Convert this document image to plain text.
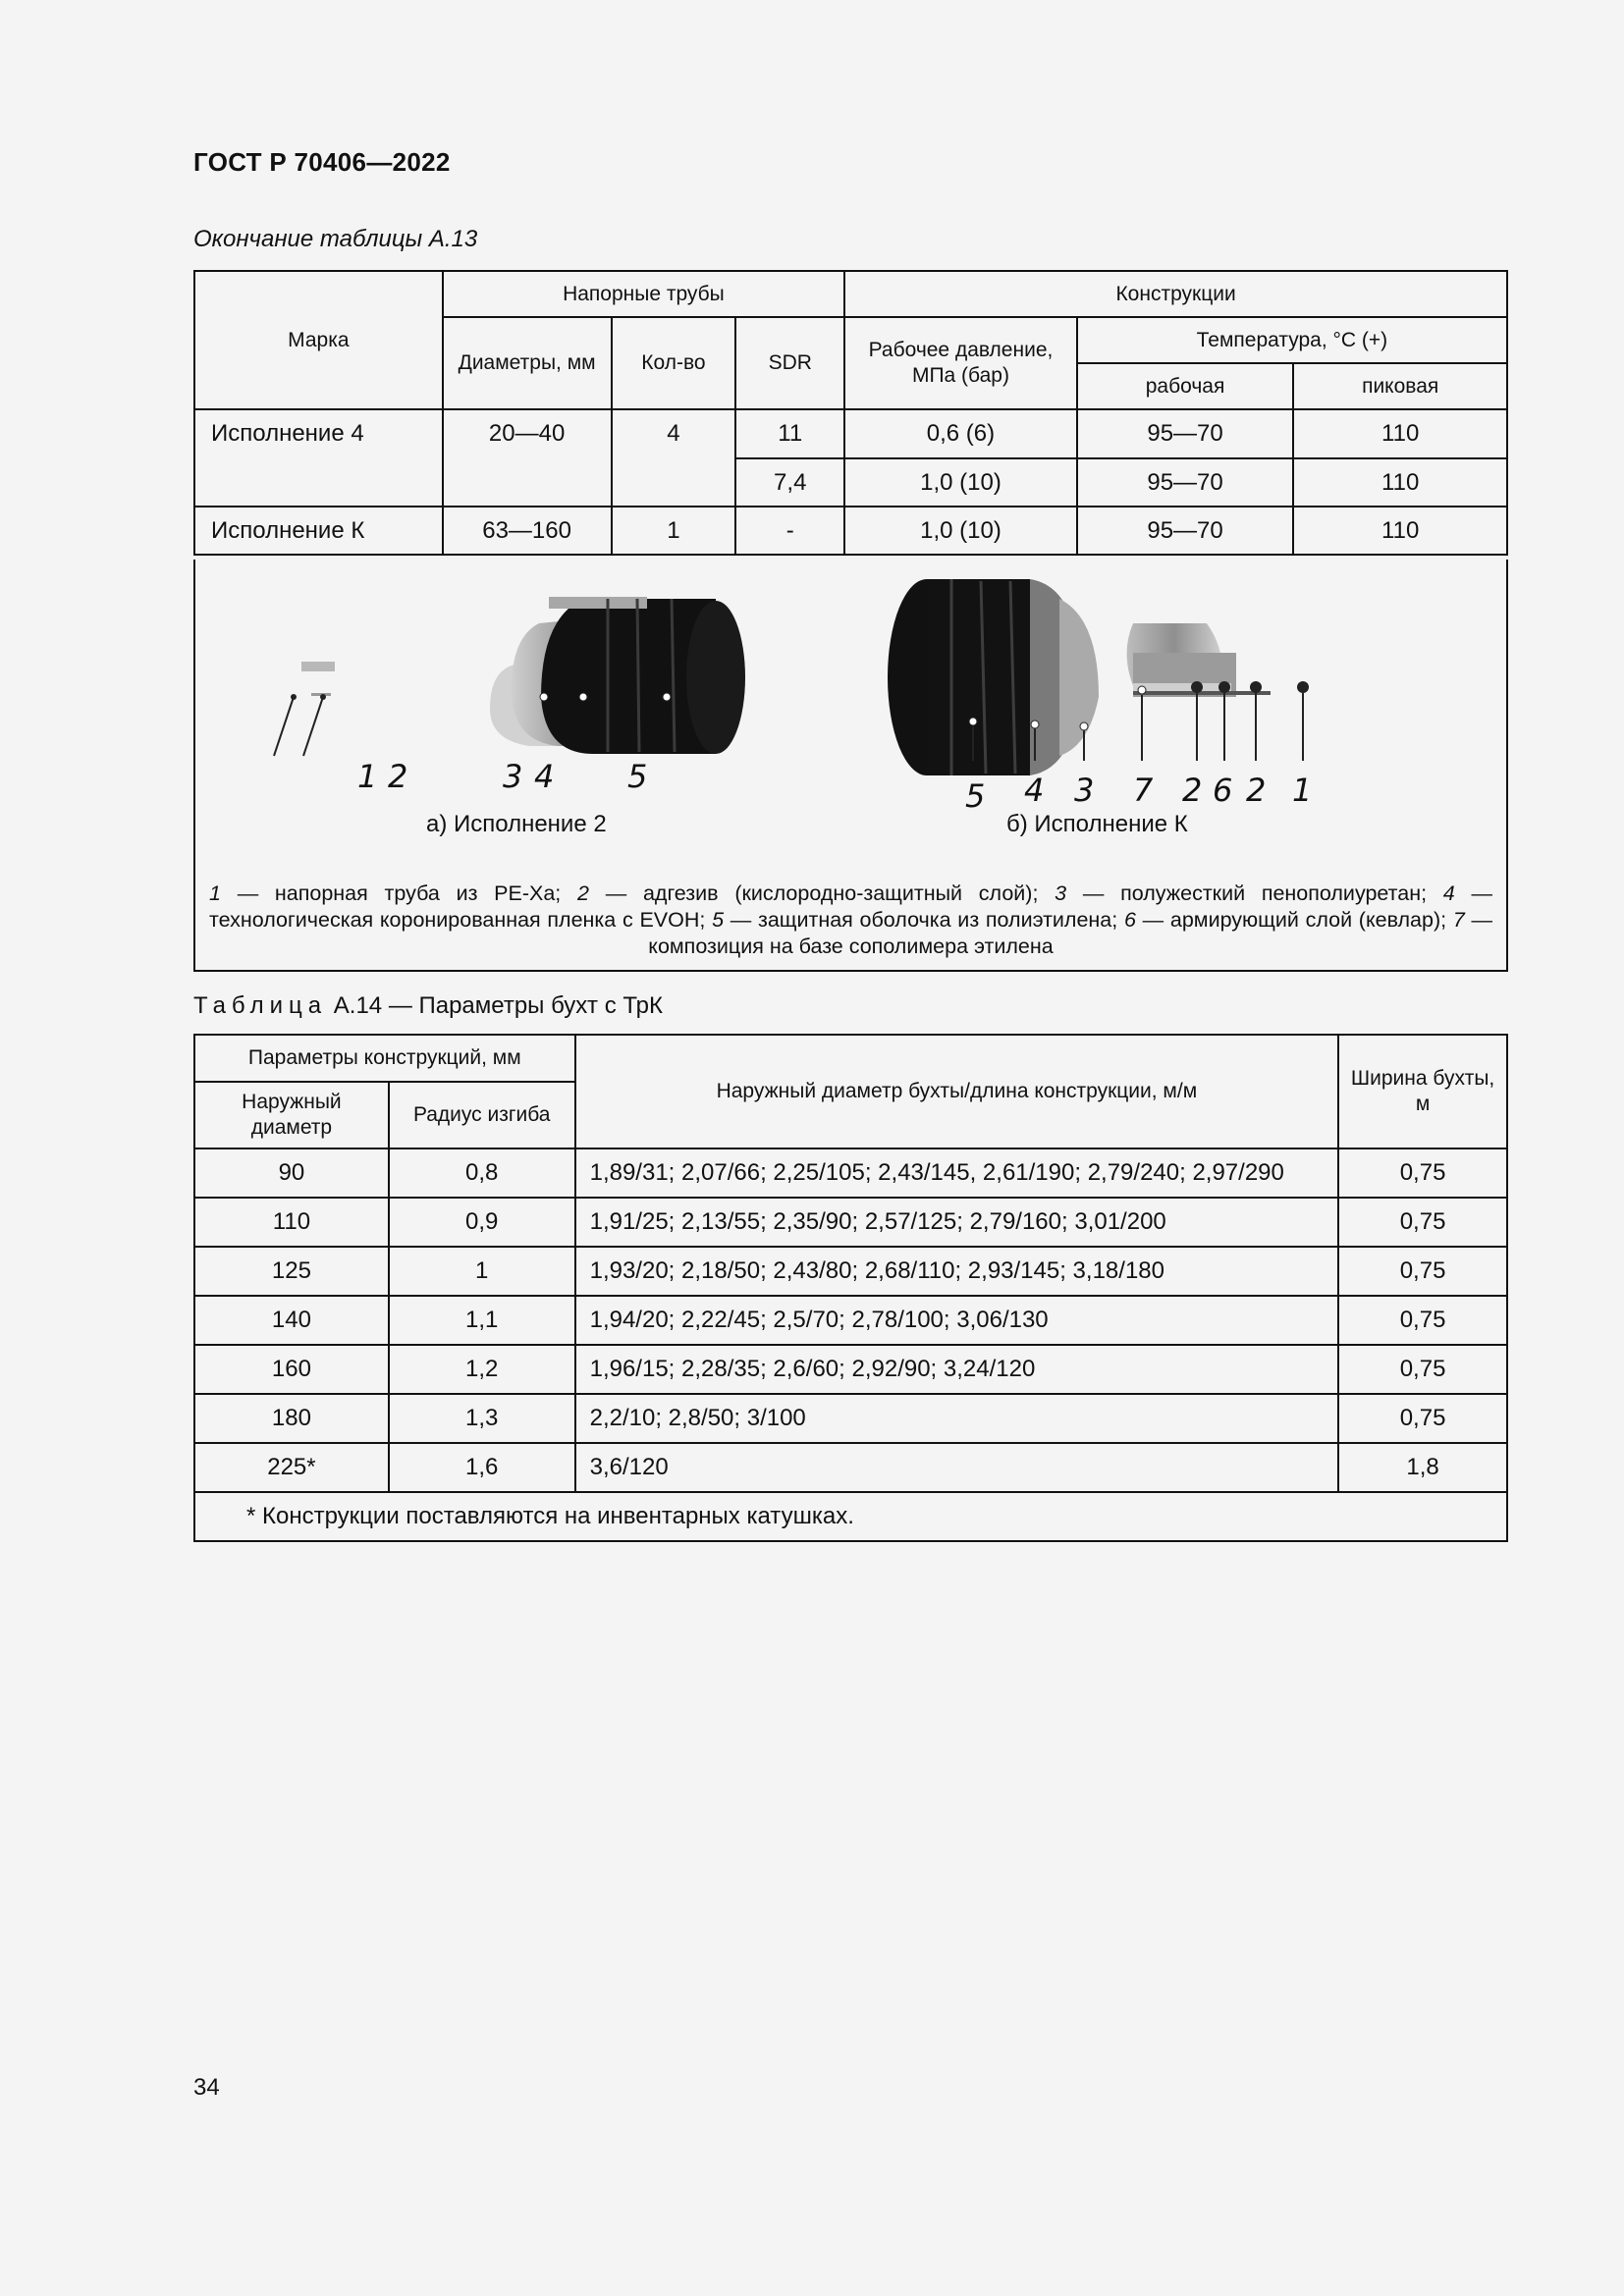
ГОСТ Р 70406—2022
Окончание таблицы А.13
Марка	Напорные трубы			Конструкции		
	Диаметры, мм	Кол-во	SDR	Рабочее давление, МПа (бар)	Температура, °С (+)	
					рабочая	пиковая
Исполнение 4	20—40	4	11	0,6 (6)	95—70	110
			7,4	1,0 (10)	95—70	110
Исполнение К	63—160	1	-	1,0 (10)	95—70	110
1 2	3 4 5
5 4 3 7 2 6 2 1
а) Исполнение 2	б) Исполнение К
1 — напорная труба из PE-Xa; 2 — адгезив (кислородно-защитный слой); 3 — полужесткий пенополиуретан; 4 — технологическая коронированная пленка с EVOH; 5 — защитная оболочка из полиэтилена; 6 — армирующий слой (кевлар); 7 — композиция на базе сополимера этилена
Таблица А.14 — Параметры бухт с ТрК
Параметры конструкций, мм		Наружный диаметр бухты/длина конструкции, м/м	Ширина бухты, м
Наружный диаметр	Радиус изгиба		
90	0,8	1,89/31; 2,07/66; 2,25/105; 2,43/145, 2,61/190; 2,79/240; 2,97/290	0,75
110	0,9	1,91/25; 2,13/55; 2,35/90; 2,57/125; 2,79/160; 3,01/200	0,75
125	1	1,93/20; 2,18/50; 2,43/80; 2,68/110; 2,93/145; 3,18/180	0,75
140	1,1	1,94/20; 2,22/45; 2,5/70; 2,78/100; 3,06/130	0,75
160	1,2	1,96/15; 2,28/35; 2,6/60; 2,92/90; 3,24/120	0,75
180	1,3	2,2/10; 2,8/50; 3/100	0,75
225*	1,6	3,6/120	1,8
* Конструкции поставляются на инвентарных катушках.			
34
